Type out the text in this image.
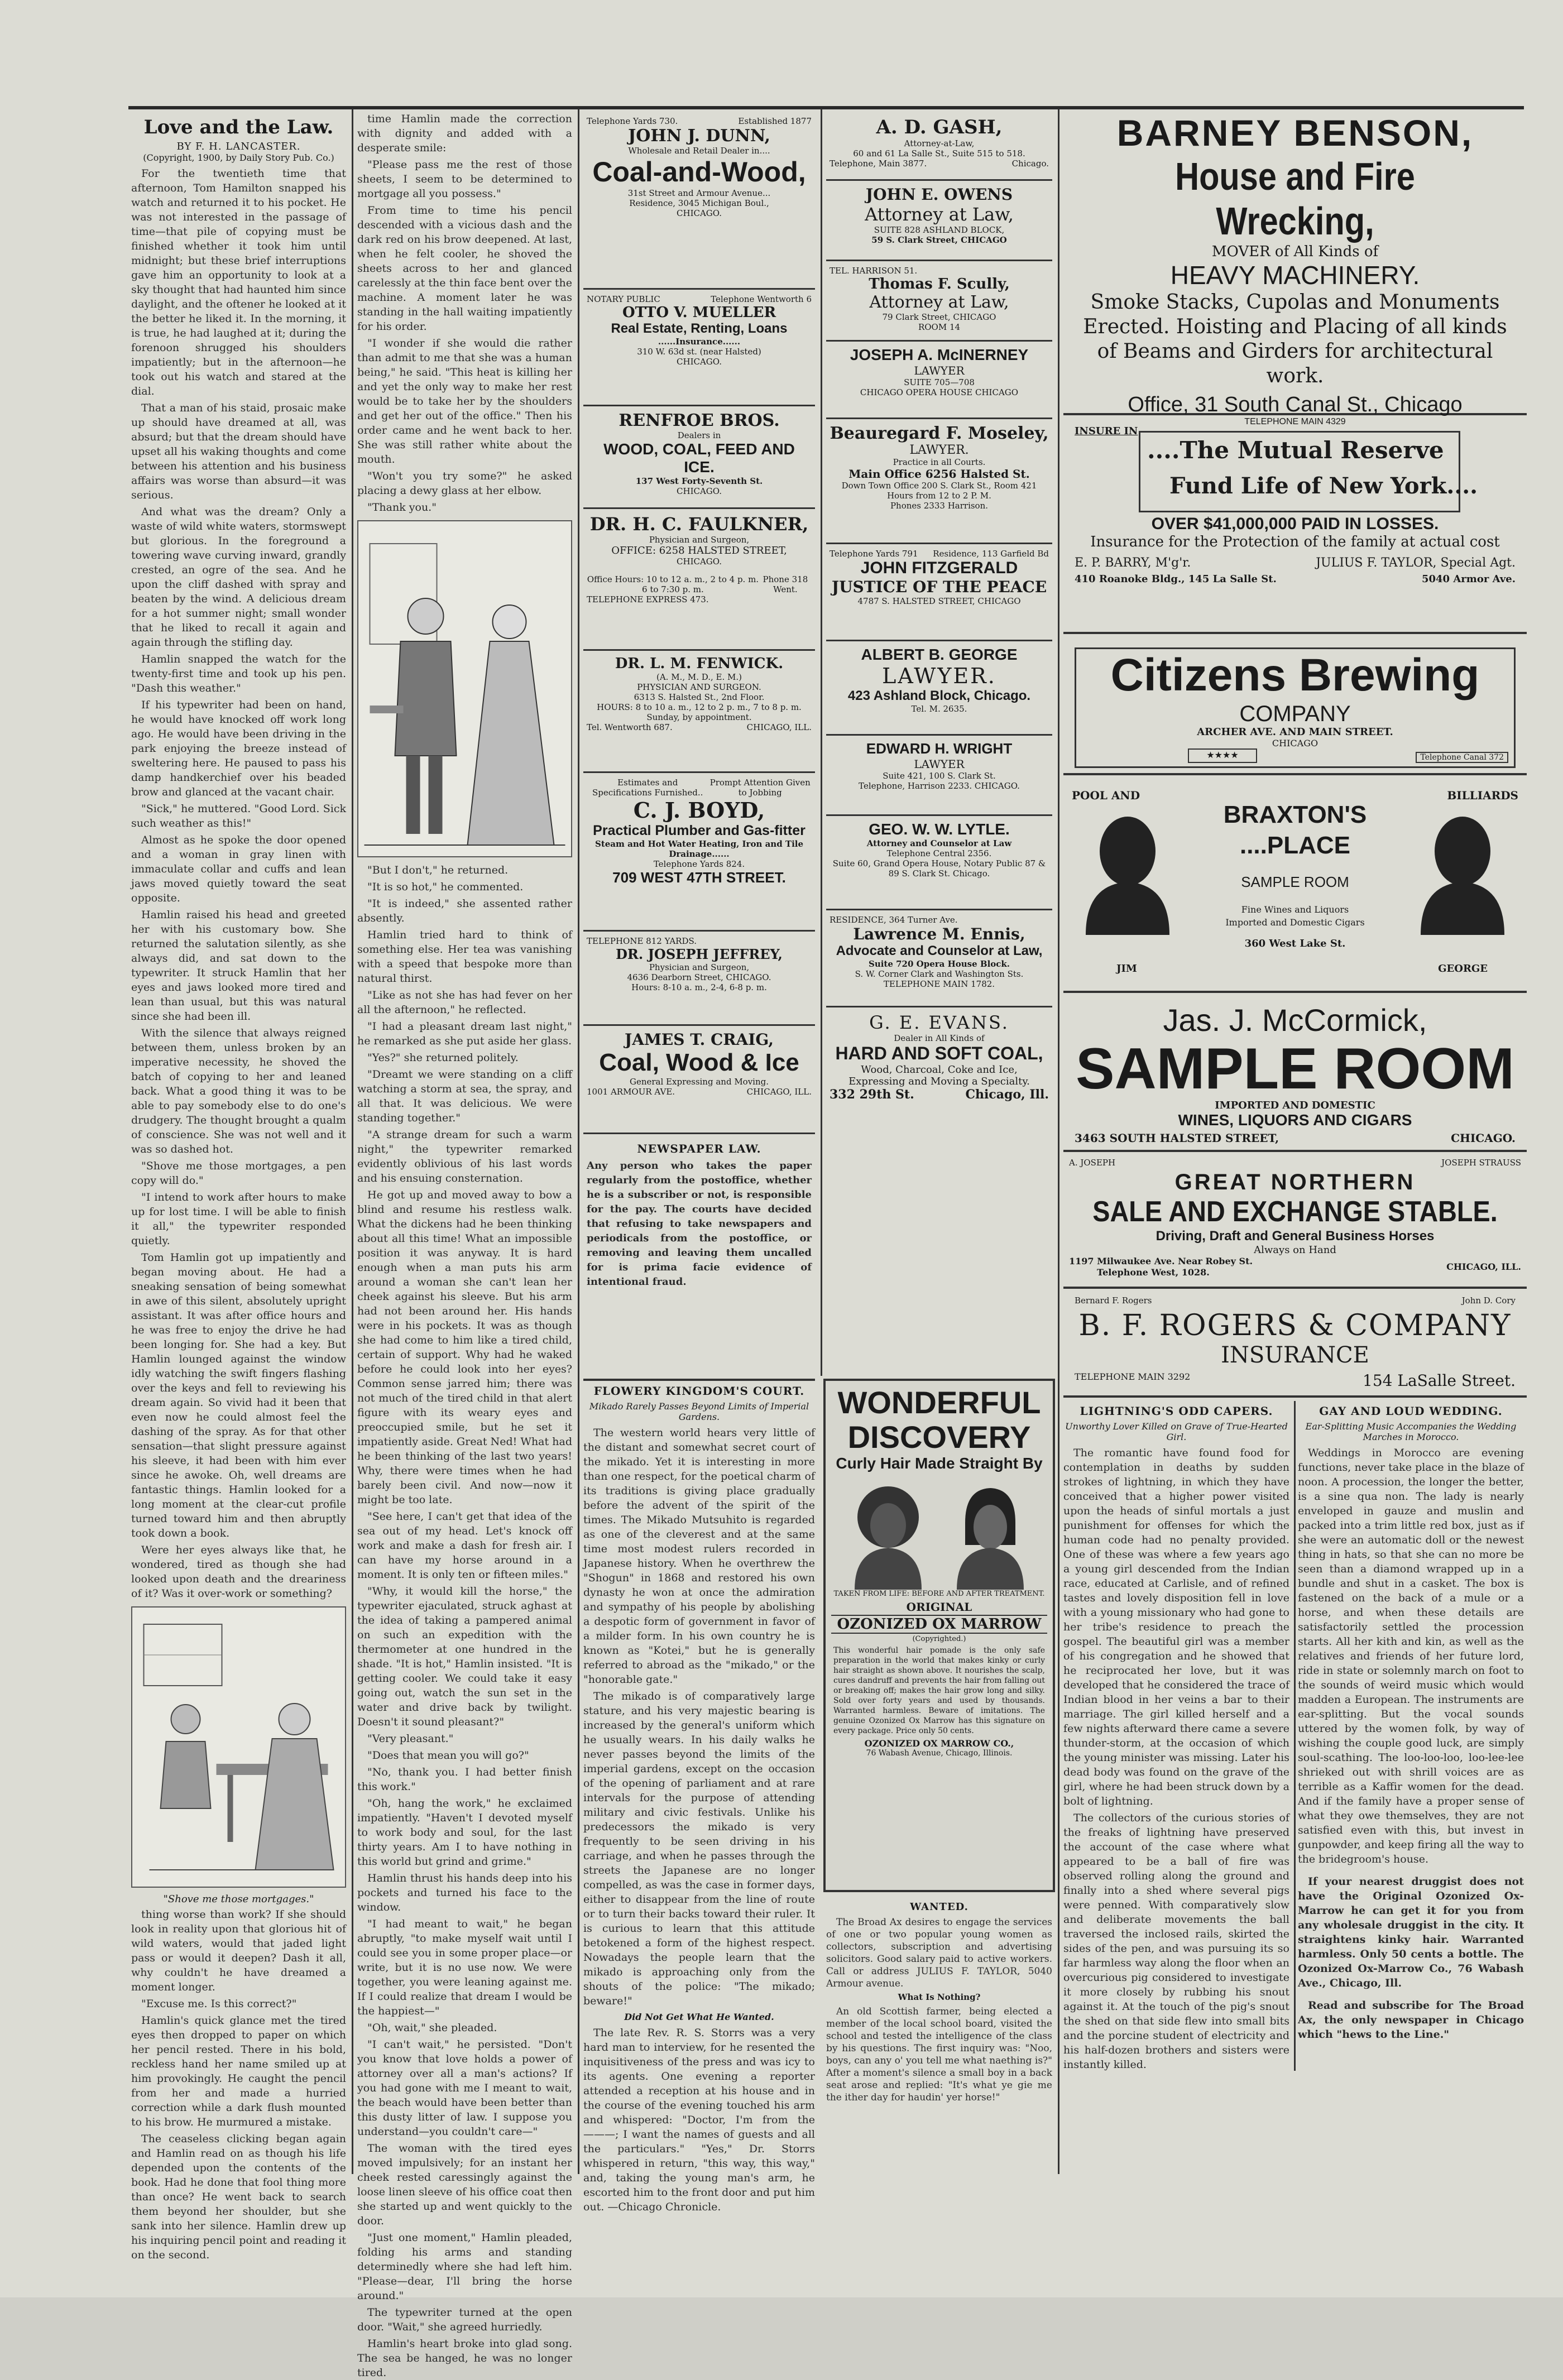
Love and the Law.
BY F. H. LANCASTER.
(Copyright, 1900, by Daily Story Pub. Co.)

For the twentieth time that afternoon, Tom Hamilton snapped his watch and returned it to his pocket. He was not interested in the passage of time—that pile of copying must be finished whether it took him until midnight; but these brief interruptions gave him an opportunity to look at a sky thought that had haunted him since daylight, and the oftener he looked at it the better he liked it. In the morning, it is true, he had laughed at it; during the forenoon shrugged his shoulders impatiently; but in the afternoon—he took out his watch and stared at the dial.

That a man of his staid, prosaic make up should have dreamed at all, was absurd; but that the dream should have upset all his waking thoughts and come between his attention and his business affairs was worse than absurd—it was serious.

And what was the dream? Only a waste of wild white waters, stormswept but glorious. In the foreground a towering wave curving inward, grandly crested, an ogre of the sea. And he upon the cliff dashed with spray and beaten by the wind. A delicious dream for a hot summer night; small wonder that he liked to recall it again and again through the stifling day.

Hamlin snapped the watch for the twenty-first time and took up his pen. "Dash this weather."

If his typewriter had been on hand, he would have knocked off work long ago. He would have been driving in the park enjoying the breeze instead of sweltering here. He paused to pass his damp handkerchief over his beaded brow and glanced at the vacant chair.

"Sick," he muttered. "Good Lord. Sick such weather as this!"

Almost as he spoke the door opened and a woman in gray linen with immaculate collar and cuffs and lean jaws moved quietly toward the seat opposite.

Hamlin raised his head and greeted her with his customary bow. She returned the salutation silently, as she always did, and sat down to the typewriter. It struck Hamlin that her eyes and jaws looked more tired and lean than usual, but this was natural since she had been ill.

With the silence that always reigned between them, unless broken by an imperative necessity, he shoved the batch of copying to her and leaned back. What a good thing it was to be able to pay somebody else to do one's drudgery. The thought brought a qualm of conscience. She was not well and it was so dashed hot.

"Shove me those mortgages, a pen copy will do."

"I intend to work after hours to make up for lost time. I will be able to finish it all," the typewriter responded quietly.

Tom Hamlin got up impatiently and began moving about. He had a sneaking sensation of being somewhat in awe of this silent, absolutely upright assistant. It was after office hours and he was free to enjoy the drive he had been longing for. She had a key. But Hamlin lounged against the window idly watching the swift fingers flashing over the keys and fell to reviewing his dream again. So vivid had it been that even now he could almost feel the dashing of the spray. As for that other sensation—that slight pressure against his sleeve, it had been with him ever since he awoke. Oh, well dreams are fantastic things. Hamlin looked for a long moment at the clear-cut profile turned toward him and then abruptly took down a book.

Were her eyes always like that, he wondered, tired as though she had looked upon death and the dreariness of it? Was it over-work or something?

"Shove me those mortgages."

thing worse than work? If she should look in reality upon that glorious hit of wild waters, would that jaded light pass or would it deepen? Dash it all, why couldn't he have dreamed a moment longer.

"Excuse me. Is this correct?"

Hamlin's quick glance met the tired eyes then dropped to paper on which her pencil rested. There in his bold, reckless hand her name smiled up at him provokingly. He caught the pencil from her and made a hurried correction while a dark flush mounted to his brow. He murmured a mistake.

The ceaseless clicking began again and Hamlin read on as though his life depended upon the contents of the book. Had he done that fool thing more than once? He went back to search them beyond her shoulder, but she sank into her silence. Hamlin drew up his inquiring pencil point and reading it on the second.

time Hamlin made the correction with dignity and added with a desperate smile:

"Please pass me the rest of those sheets, I seem to be determined to mortgage all you possess."

From time to time his pencil descended with a vicious dash and the dark red on his brow deepened. At last, when he felt cooler, he shoved the sheets across to her and glanced carelessly at the thin face bent over the machine. A moment later he was standing in the hall waiting impatiently for his order.

"I wonder if she would die rather than admit to me that she was a human being," he said. "This heat is killing her and yet the only way to make her rest would be to take her by the shoulders and get her out of the office." Then his order came and he went back to her. She was still rather white about the mouth.

"Won't you try some?" he asked placing a dewy glass at her elbow.

"Thank you."

"But I don't," he returned.

"It is so hot," he commented.

"It is indeed," she assented rather absently.

Hamlin tried hard to think of something else. Her tea was vanishing with a speed that bespoke more than natural thirst.

"Like as not she has had fever on her all the afternoon," he reflected.

"I had a pleasant dream last night," he remarked as she put aside her glass.

"Yes?" she returned politely.

"Dreamt we were standing on a cliff watching a storm at sea, the spray, and all that. It was delicious. We were standing together."

"A strange dream for such a warm night," the typewriter remarked evidently oblivious of his last words and his ensuing consternation.

He got up and moved away to bow a blind and resume his restless walk. What the dickens had he been thinking about all this time! What an impossible position it was anyway. It is hard enough when a man puts his arm around a woman she can't lean her cheek against his sleeve. But his arm had not been around her. His hands were in his pockets. It was as though she had come to him like a tired child, certain of support. Why had he waked before he could look into her eyes? Common sense jarred him; there was not much of the tired child in that alert figure with its weary eyes and preoccupied smile, but he set it impatiently aside. Great Ned! What had he been thinking of the last two years! Why, there were times when he had barely been civil. And now—now it might be too late.

"See here, I can't get that idea of the sea out of my head. Let's knock off work and make a dash for fresh air. I can have my horse around in a moment. It is only ten or fifteen miles."

"Why, it would kill the horse," the typewriter ejaculated, struck aghast at the idea of taking a pampered animal on such an expedition with the thermometer at one hundred in the shade. "It is hot," Hamlin insisted. "It is getting cooler. We could take it easy going out, watch the sun set in the water and drive back by twilight. Doesn't it sound pleasant?"

"Very pleasant."

"Does that mean you will go?"

"No, thank you. I had better finish this work."

"Oh, hang the work," he exclaimed impatiently. "Haven't I devoted myself to work body and soul, for the last thirty years. Am I to have nothing in this world but grind and grime."

Hamlin thrust his hands deep into his pockets and turned his face to the window.

"I had meant to wait," he began abruptly, "to make myself wait until I could see you in some proper place—or write, but it is no use now. We were together, you were leaning against me. If I could realize that dream I would be the happiest—"

"Oh, wait," she pleaded.

"I can't wait," he persisted. "Don't you know that love holds a power of attorney over all a man's actions? If you had gone with me I meant to wait, the beach would have been better than this dusty litter of law. I suppose you understand—you couldn't care—"

The woman with the tired eyes moved impulsively; for an instant her cheek rested caressingly against the loose linen sleeve of his office coat then she started up and went quickly to the door.

"Just one moment," Hamlin pleaded, folding his arms and standing determinedly where she had left him. "Please—dear, I'll bring the horse around."

The typewriter turned at the open door. "Wait," she agreed hurriedly.

Hamlin's heart broke into glad song. The sea be hanged, he was no longer tired.

Telephone Yards 730.	Established 1877
JOHN J. DUNN,
Wholesale and Retail Dealer in....
Coal-and-Wood,
31st Street and Armour Avenue...
Residence, 3045 Michigan Boul.,
CHICAGO.
NOTARY PUBLIC	Telephone Wentworth 6
OTTO V. MUELLER
Real Estate, Renting, Loans
......Insurance......
310 W. 63d st. (near Halsted)
CHICAGO.
RENFROE BROS.
Dealers in
WOOD, COAL, FEED AND ICE.
137 West Forty-Seventh St.
CHICAGO.
DR. H. C. FAULKNER,
Physician and Surgeon,
OFFICE: 6258 HALSTED STREET,
CHICAGO.
Office Hours: 10 to 12 a. m., 2 to 4 p. m. 6 to 7:30 p. m.
Phone 318 Went.
TELEPHONE EXPRESS 473.
DR. L. M. FENWICK.
(A. M., M. D., E. M.)
PHYSICIAN AND SURGEON.
6313 S. Halsted St., 2nd Floor.
HOURS: 8 to 10 a. m., 12 to 2 p. m., 7 to 8 p. m.
Sunday, by appointment.
Tel. Wentworth 687.	CHICAGO, ILL.
Estimates and Specifications Furnished..
Prompt Attention Given to Jobbing
C. J. BOYD,
Practical Plumber and Gas-fitter
Steam and Hot Water Heating, Iron and Tile Drainage......
Telephone Yards 824.
709 WEST 47TH STREET.
TELEPHONE 812 YARDS.
DR. JOSEPH JEFFREY,
Physician and Surgeon,
4636 Dearborn Street, CHICAGO.
Hours: 8-10 a. m., 2-4, 6-8 p. m.
JAMES T. CRAIG,
Coal, Wood & Ice
General Expressing and Moving.
1001 ARMOUR AVE.	CHICAGO, ILL.
NEWSPAPER LAW.
Any person who takes the paper regularly from the postoffice, whether he is a subscriber or not, is responsible for the pay. The courts have decided that refusing to take newspapers and periodicals from the postoffice, or removing and leaving them uncalled for is prima facie evidence of intentional fraud.
A. D. GASH,
Attorney-at-Law,
60 and 61 La Salle St., Suite 515 to 518.
Telephone, Main 3877.	Chicago.
JOHN E. OWENS
Attorney at Law,
SUITE 828 ASHLAND BLOCK,
59 S. Clark Street, CHICAGO
TEL. HARRISON 51.
Thomas F. Scully,
Attorney at Law,
79 Clark Street, CHICAGO
ROOM 14
JOSEPH A. McINERNEY
LAWYER
SUITE 705—708
CHICAGO OPERA HOUSE CHICAGO
Beauregard F. Moseley,
LAWYER.
Practice in all Courts.
Main Office 6256 Halsted St.
Down Town Office 200 S. Clark St., Room 421
Hours from 12 to 2 P. M.
Phones 2333 Harrison.
Telephone Yards 791 Residence, 113 Garfield Bd
JOHN FITZGERALD
JUSTICE OF THE PEACE
4787 S. HALSTED STREET, CHICAGO
ALBERT B. GEORGE
LAWYER.
423 Ashland Block, Chicago.
Tel. M. 2635.
EDWARD H. WRIGHT
LAWYER
Suite 421, 100 S. Clark St.
Telephone, Harrison 2233. CHICAGO.
GEO. W. W. LYTLE.
Attorney and Counselor at Law
Telephone Central 2356.
Suite 60, Grand Opera House, Notary Public 87 & 89 S. Clark St. Chicago.
RESIDENCE, 364 Turner Ave.
Lawrence M. Ennis,
Advocate and Counselor at Law,
Suite 720 Opera House Block.
S. W. Corner Clark and Washington Sts.
TELEPHONE MAIN 1782.
G. E. EVANS.
Dealer in All Kinds of
HARD AND SOFT COAL,
Wood, Charcoal, Coke and Ice,
Expressing and Moving a Specialty.
332 29th St.	Chicago, Ill.
BARNEY BENSON,
House and Fire Wrecking,
MOVER of All Kinds of
HEAVY MACHINERY.
Smoke Stacks, Cupolas and Monuments Erected. Hoisting and Placing of all kinds of Beams and Girders for architectural work.
Office, 31 South Canal St., Chicago
TELEPHONE MAIN 4329
INSURE IN
....The Mutual Reserve
Fund Life of New York....
OVER $41,000,000 PAID IN LOSSES.
Insurance for the Protection of the family at actual cost
E. P. BARRY, M'g'r.	JULIUS F. TAYLOR, Special Agt.
410 Roanoke Bldg., 145 La Salle St.	5040 Armor Ave.
Citizens Brewing
COMPANY
ARCHER AVE. AND MAIN STREET.
CHICAGO
★★★★	Telephone Canal 372
POOL AND	BILLIARDS
BRAXTON'S
....PLACE
SAMPLE ROOM
Fine Wines and Liquors
Imported and Domestic Cigars
360 West Lake St.
JIM	GEORGE
Jas. J. McCormick,
SAMPLE ROOM
IMPORTED AND DOMESTIC
WINES, LIQUORS AND CIGARS
3463 SOUTH HALSTED STREET,	CHICAGO.
A. JOSEPH	JOSEPH STRAUSS
GREAT NORTHERN
SALE AND EXCHANGE STABLE.
Driving, Draft and General Business Horses
Always on Hand
1197 Milwaukee Ave. Near Robey St.
Telephone West, 1028.
CHICAGO, ILL.
Bernard F. Rogers	John D. Cory
B. F. ROGERS & COMPANY
INSURANCE
TELEPHONE MAIN 3292	154 LaSalle Street.
LIGHTNING'S ODD CAPERS.
Unworthy Lover Killed on Grave of True-Hearted Girl.

The romantic have found food for contemplation in deaths by sudden strokes of lightning, in which they have conceived that a higher power visited upon the heads of sinful mortals a just punishment for offenses for which the human code had no penalty provided. One of these was where a few years ago a young girl descended from the Indian race, educated at Carlisle, and of refined tastes and lovely disposition fell in love with a young missionary who had gone to her tribe's residence to preach the gospel. The beautiful girl was a member of his congregation and he showed that he reciprocated her love, but it was developed that he considered the trace of Indian blood in her veins a bar to their marriage. The girl killed herself and a few nights afterward there came a severe thunder-storm, at the occasion of which the young minister was missing. Later his dead body was found on the grave of the girl, where he had been struck down by a bolt of lightning.

The collectors of the curious stories of the freaks of lightning have preserved the account of the case where what appeared to be a ball of fire was observed rolling along the ground and finally into a shed where several pigs were penned. With comparatively slow and deliberate movements the ball traversed the inclosed rails, skirted the sides of the pen, and was pursuing its so far harmless way along the floor when an overcurious pig considered to investigate it more closely by rubbing his snout against it. At the touch of the pig's snout the shed on that side flew into small bits and the porcine student of electricity and his half-dozen brothers and sisters were instantly killed.

GAY AND LOUD WEDDING.
Ear-Splitting Music Accompanies the Wedding Marches in Morocco.

Weddings in Morocco are evening functions, never take place in the blaze of noon. A procession, the longer the better, is a sine qua non. The lady is nearly enveloped in gauze and muslin and packed into a trim little red box, just as if she were an automatic doll or the newest thing in hats, so that she can no more be seen than a diamond wrapped up in a bundle and shut in a casket. The box is fastened on the back of a mule or a horse, and when these details are satisfactorily settled the procession starts. All her kith and kin, as well as the relatives and friends of her future lord, ride in state or solemnly march on foot to the sounds of weird music which would madden a European. The instruments are ear-splitting. But the vocal sounds uttered by the women folk, by way of wishing the couple good luck, are simply soul-scathing. The loo-loo-loo, loo-lee-lee shrieked out with shrill voices are as terrible as a Kaffir women for the dead. And if the family have a proper sense of what they owe themselves, they are not satisfied even with this, but invest in gunpowder, and keep firing all the way to the bridegroom's house.

If your nearest druggist does not have the Original Ozonized Ox-Marrow he can get it for you from any wholesale druggist in the city. It straightens kinky hair. Warranted harmless. Only 50 cents a bottle. The Ozonized Ox-Marrow Co., 76 Wabash Ave., Chicago, Ill.

Read and subscribe for The Broad Ax, the only newspaper in Chicago which "hews to the Line."

FLOWERY KINGDOM'S COURT.
Mikado Rarely Passes Beyond Limits of Imperial Gardens.

The western world hears very little of the distant and somewhat secret court of the mikado. Yet it is interesting in more than one respect, for the poetical charm of its traditions is giving place gradually before the advent of the spirit of the times. The Mikado Mutsuhito is regarded as one of the cleverest and at the same time most modest rulers recorded in Japanese history. When he overthrew the "Shogun" in 1868 and restored his own dynasty he won at once the admiration and sympathy of his people by abolishing a despotic form of government in favor of a milder form. In his own country he is known as "Kotei," but he is generally referred to abroad as the "mikado," or the "honorable gate."

The mikado is of comparatively large stature, and his very majestic bearing is increased by the general's uniform which he usually wears. In his daily walks he never passes beyond the limits of the imperial gardens, except on the occasion of the opening of parliament and at rare intervals for the purpose of attending military and civic festivals. Unlike his predecessors the mikado is very frequently to be seen driving in his carriage, and when he passes through the streets the Japanese are no longer compelled, as was the case in former days, either to disappear from the line of route or to turn their backs toward their ruler. It is curious to learn that this attitude betokened a form of the highest respect. Nowadays the people learn that the mikado is approaching only from the shouts of the police: "The mikado; beware!"

Did Not Get What He Wanted.

The late Rev. R. S. Storrs was a very hard man to interview, for he resented the inquisitiveness of the press and was icy to its agents. One evening a reporter attended a reception at his house and in the course of the evening touched his arm and whispered: "Doctor, I'm from the ———; I want the names of guests and all the particulars." "Yes," Dr. Storrs whispered in return, "this way, this way," and, taking the young man's arm, he escorted him to the front door and put him out. —Chicago Chronicle.

WONDERFUL
DISCOVERY
Curly Hair Made Straight By
TAKEN FROM LIFE: BEFORE AND AFTER TREATMENT.
ORIGINAL
OZONIZED OX MARROW
(Copyrighted.)
This wonderful hair pomade is the only safe preparation in the world that makes kinky or curly hair straight as shown above. It nourishes the scalp, cures dandruff and prevents the hair from falling out or breaking off; makes the hair grow long and silky. Sold over forty years and used by thousands. Warranted harmless. Beware of imitations. The genuine Ozonized Ox Marrow has this signature on every package. Price only 50 cents.
OZONIZED OX MARROW CO.,
76 Wabash Avenue, Chicago, Illinois.
WANTED.

The Broad Ax desires to engage the services of one or two popular young women as collectors, subscription and advertising solicitors. Good salary paid to active workers. Call or address JULIUS F. TAYLOR, 5040 Armour avenue.

What Is Nothing?

An old Scottish farmer, being elected a member of the local school board, visited the school and tested the intelligence of the class by his questions. The first inquiry was: "Noo, boys, can any o' you tell me what naething is?" After a moment's silence a small boy in a back seat arose and replied: "It's what ye gie me the ither day for haudin' yer horse!"
